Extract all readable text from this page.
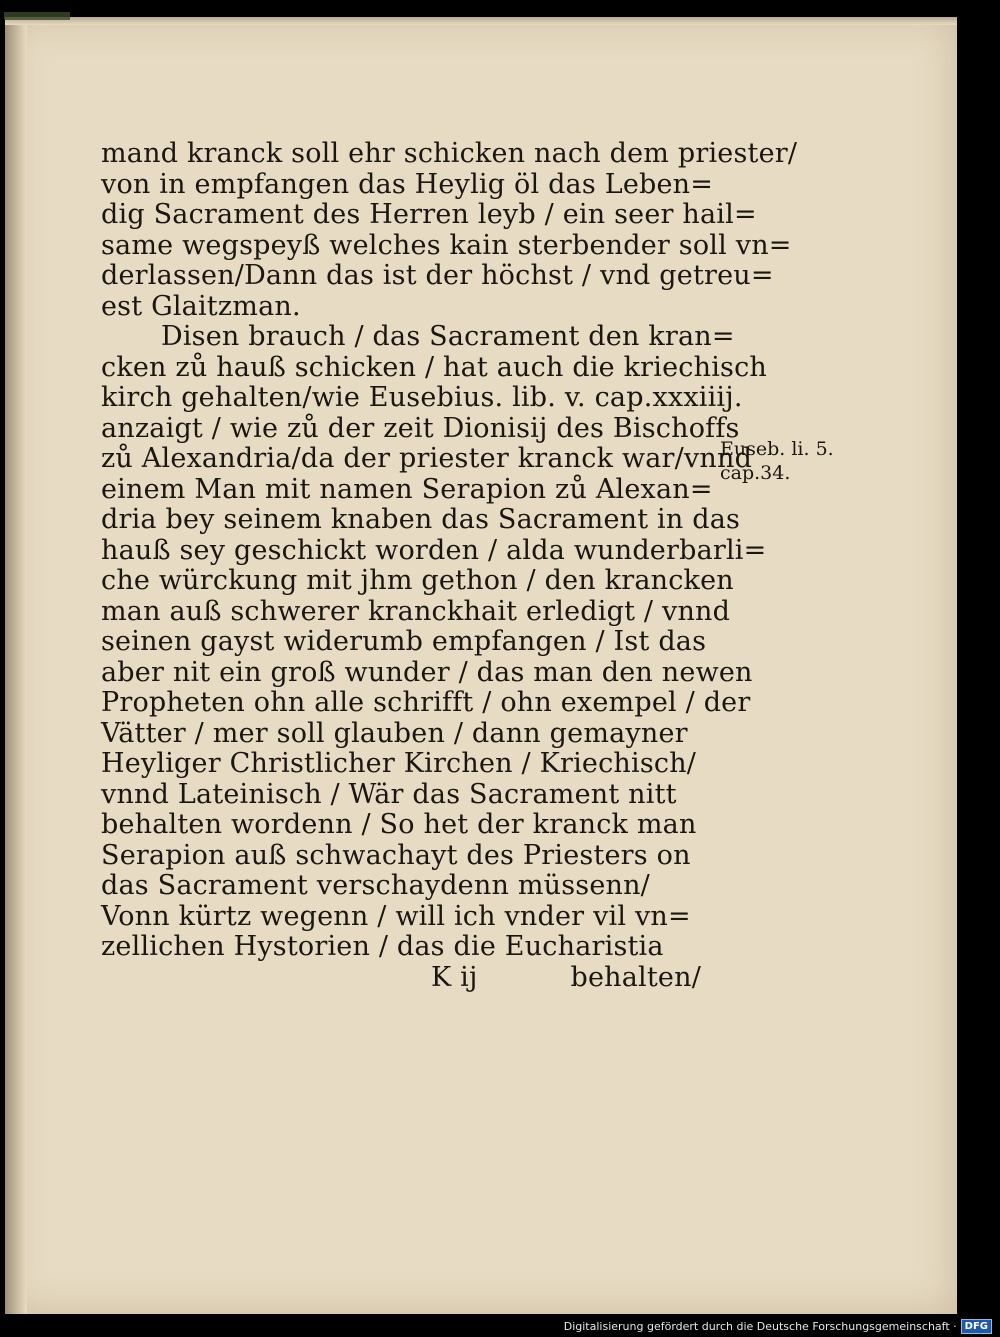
mand kranck soll ehr schicken nach dem priester/
von in empfangen das Heylig öl das Leben=
dig Sacrament des Herren leyb / ein seer hail=
same wegspeyß welches kain sterbender soll vn=
derlassen/Dann das ist der höchst / vnd getreu=
est Glaitzman.
Disen brauch / das Sacrament den kran=
cken zů hauß schicken / hat auch die kriechisch
kirch gehalten/wie Eusebius. lib. v. cap.xxxiiij.
anzaigt / wie zů der zeit Dionisij des Bischoffs
zů Alexandria/da der priester kranck war/vnnd
einem Man mit namen Serapion zů Alexan=
dria bey seinem knaben das Sacrament in das
hauß sey geschickt worden / alda wunderbarli=
che würckung mit jhm gethon / den krancken
man auß schwerer kranckhait erledigt / vnnd
seinen gayst widerumb empfangen / Ist das
aber nit ein groß wunder / das man den newen
Propheten ohn alle schrifft / ohn exempel / der
Vätter / mer soll glauben / dann gemayner
Heyliger Christlicher Kirchen / Kriechisch/
vnnd Lateinisch / Wär das Sacrament nitt
behalten wordenn / So het der kranck man
Serapion auß schwachayt des Priesters on
das Sacrament verschaydenn müssenn/
Vonn kürtz wegenn / will ich vnder vil vn=
zellichen Hystorien / das die Eucharistia
K ij	behalten/
Euseb. li. 5.
cap.34.
Digitalisierung gefördert durch die Deutsche Forschungsgemeinschaft · DFG
